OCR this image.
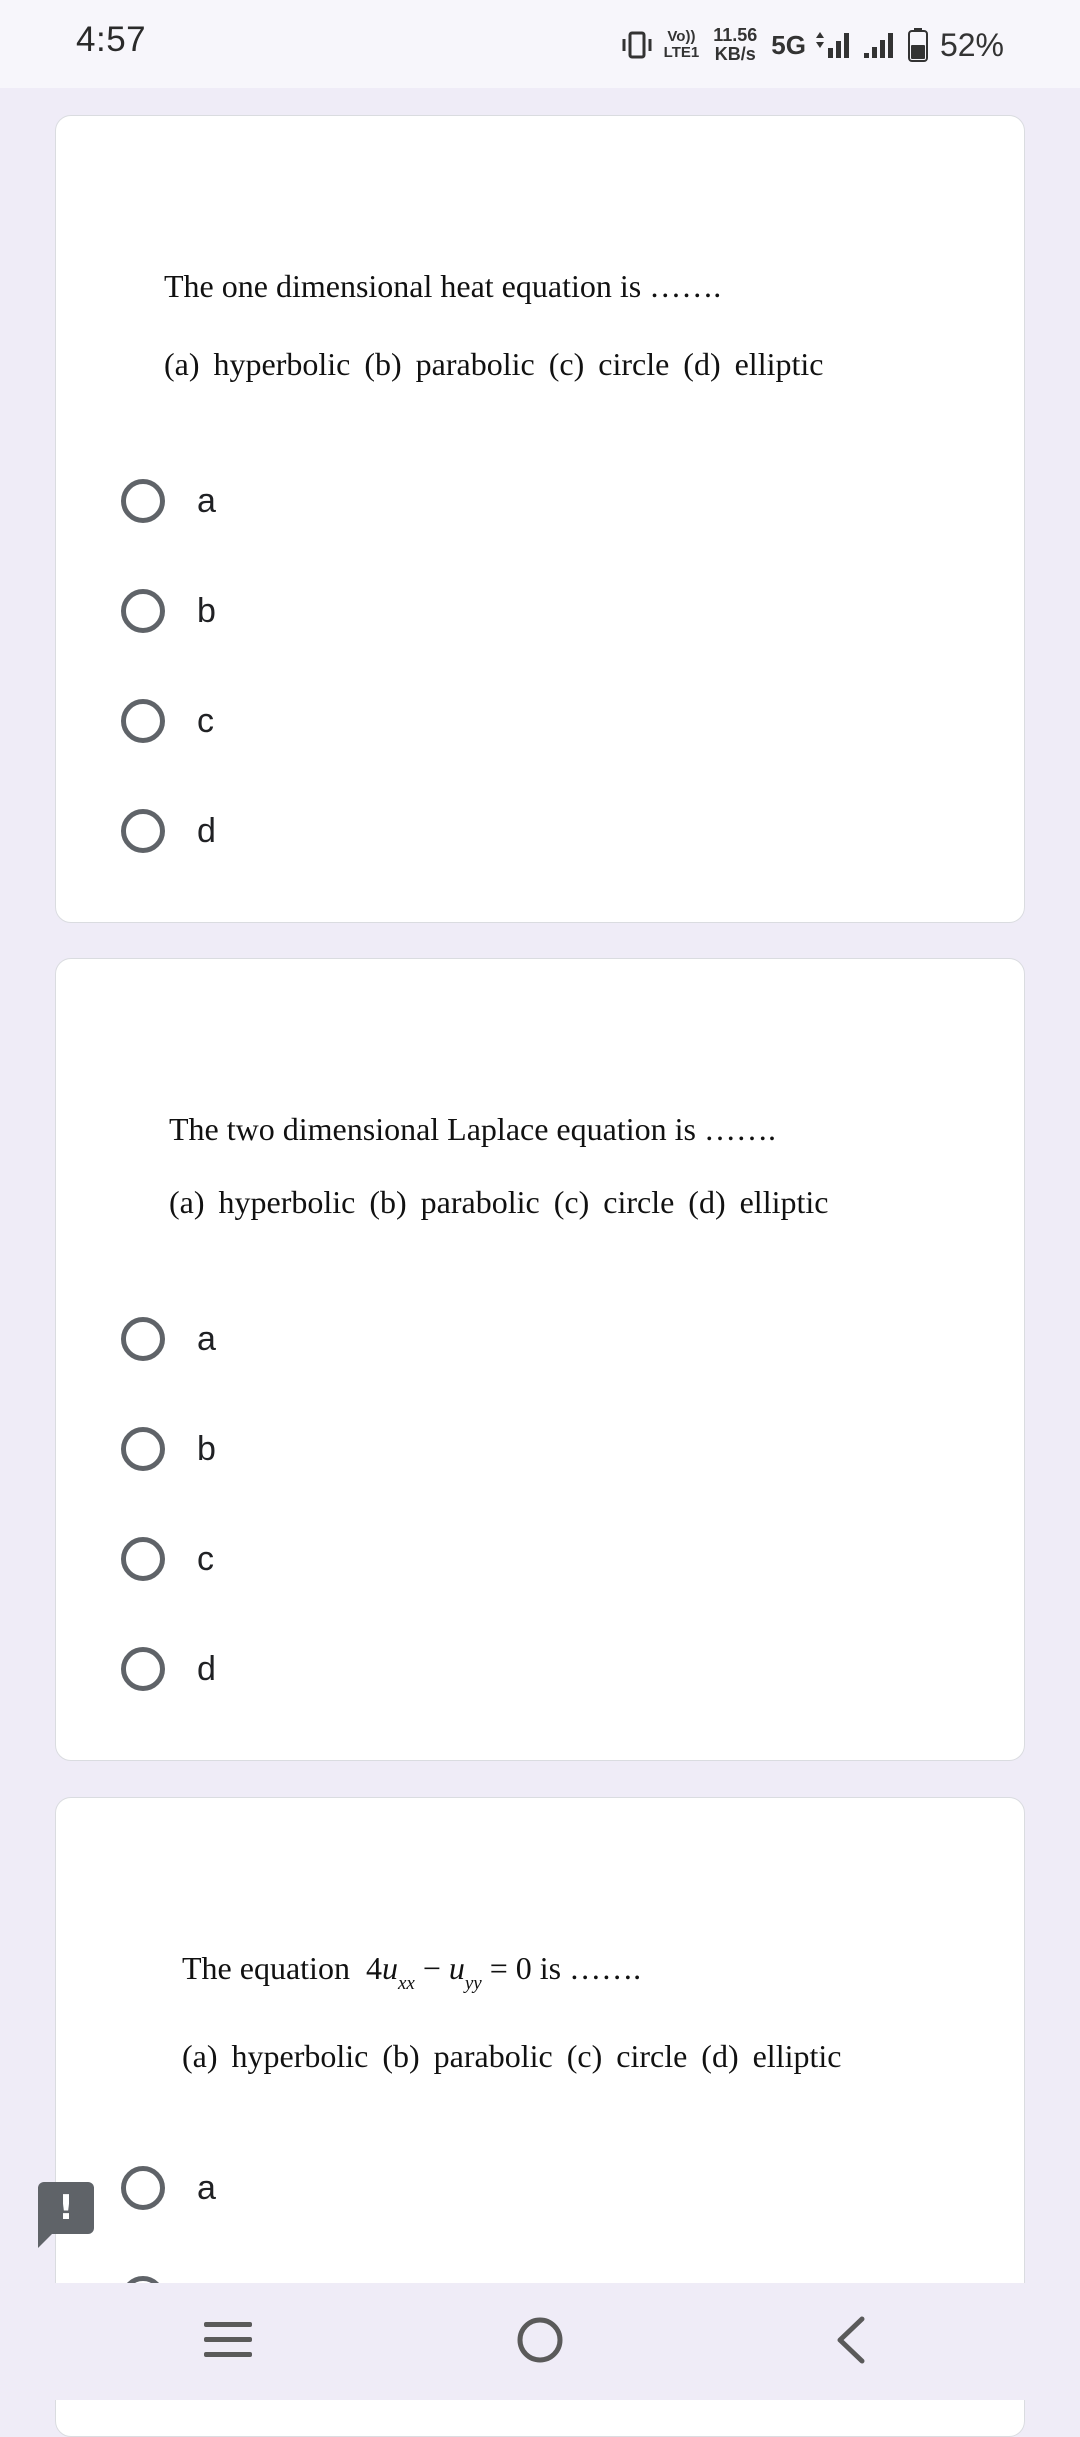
4:57	Vo))
LTE1
11.56
KB/s 5G	52%
The one dimensional heat equation is …….
(a) hyperbolic (b) parabolic (c) circle (d) elliptic
a
b
c
d
The two dimensional Laplace equation is …….
(a) hyperbolic (b) parabolic (c) circle (d) elliptic
a
b
c
d
The equation $4u_{xx} - u_{yy} = 0$ is …….
(a) hyperbolic (b) parabolic (c) circle (d) elliptic
a
!
